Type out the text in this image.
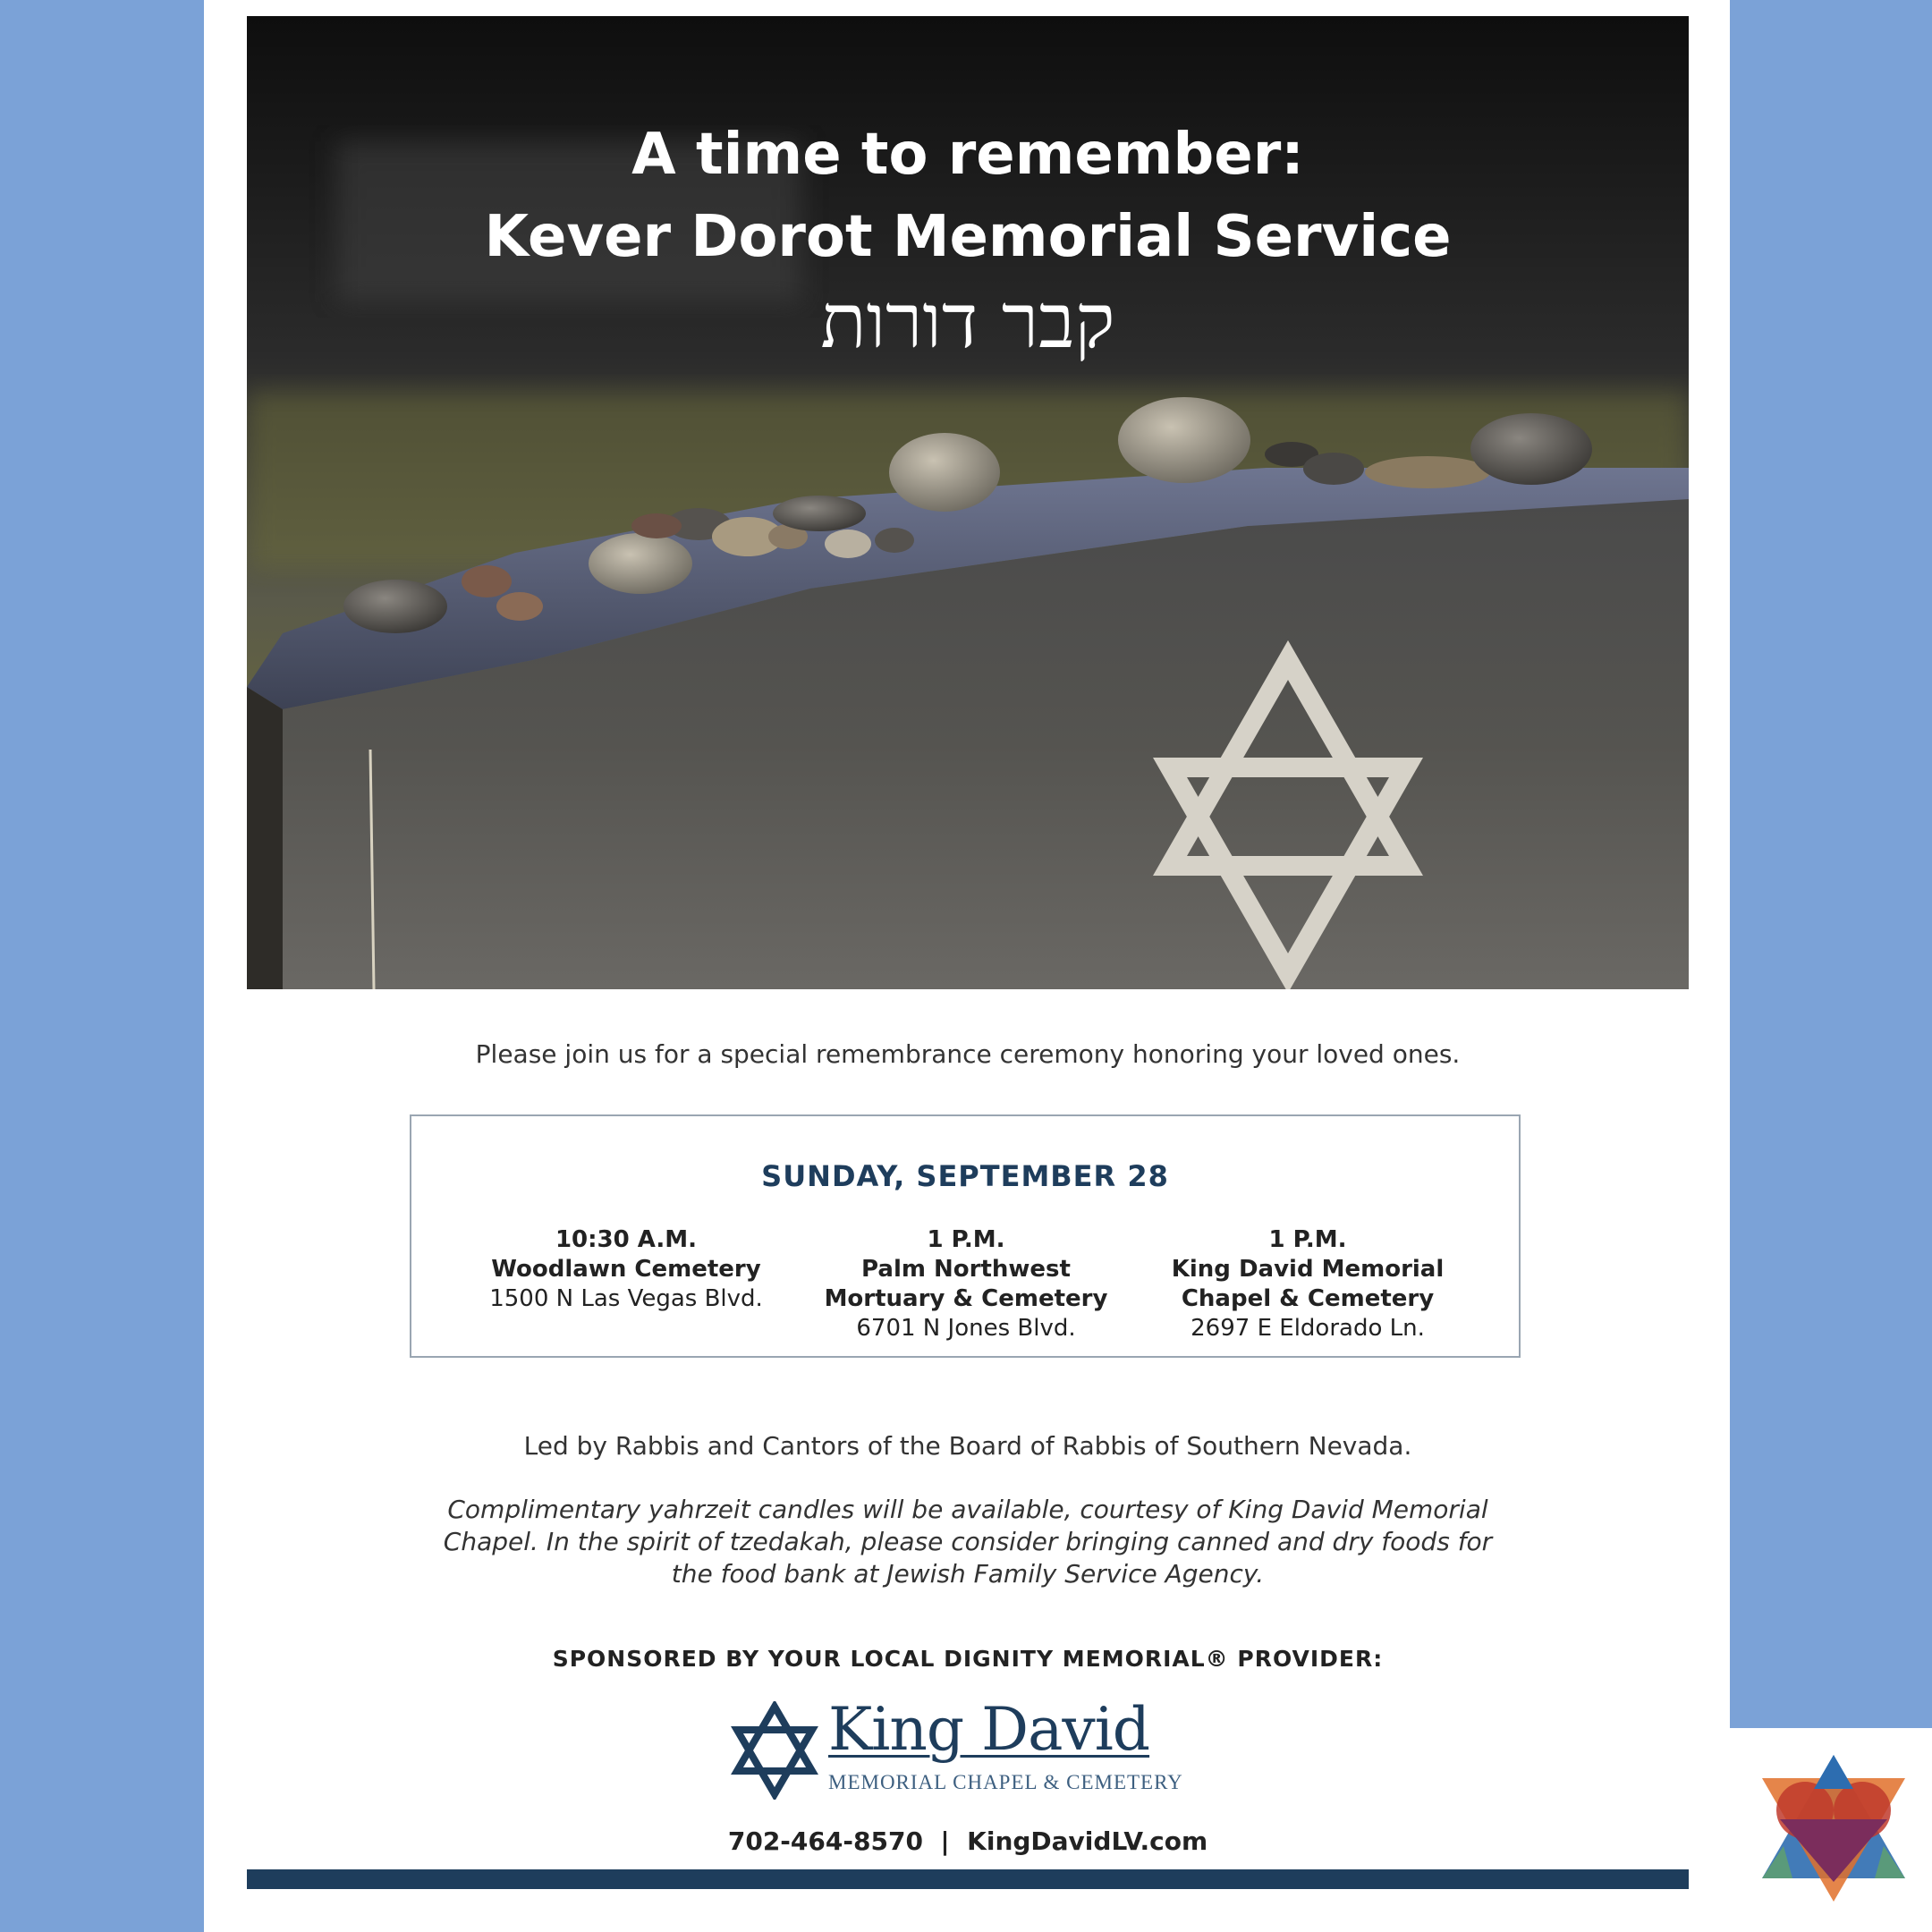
A time to remember:

Kever Dorot Memorial Service

קבר דורות

Please join us for a special remembrance ceremony honoring your loved ones.
SUNDAY, SEPTEMBER 28
10:30 A.M.
Woodlawn Cemetery
1500 N Las Vegas Blvd.
1 P.M.
Palm Northwest
Mortuary & Cemetery
6701 N Jones Blvd.
1 P.M.
King David Memorial
Chapel & Cemetery
2697 E Eldorado Ln.
Led by Rabbis and Cantors of the Board of Rabbis of Southern Nevada.
Complimentary yahrzeit candles will be available, courtesy of King David Memorial Chapel. In the spirit of tzedakah, please consider bringing canned and dry foods for the food bank at Jewish Family Service Agency.
SPONSORED BY YOUR LOCAL DIGNITY MEMORIAL® PROVIDER:
King David
MEMORIAL CHAPEL & CEMETERY
702-464-8570  |  KingDavidLV.com
